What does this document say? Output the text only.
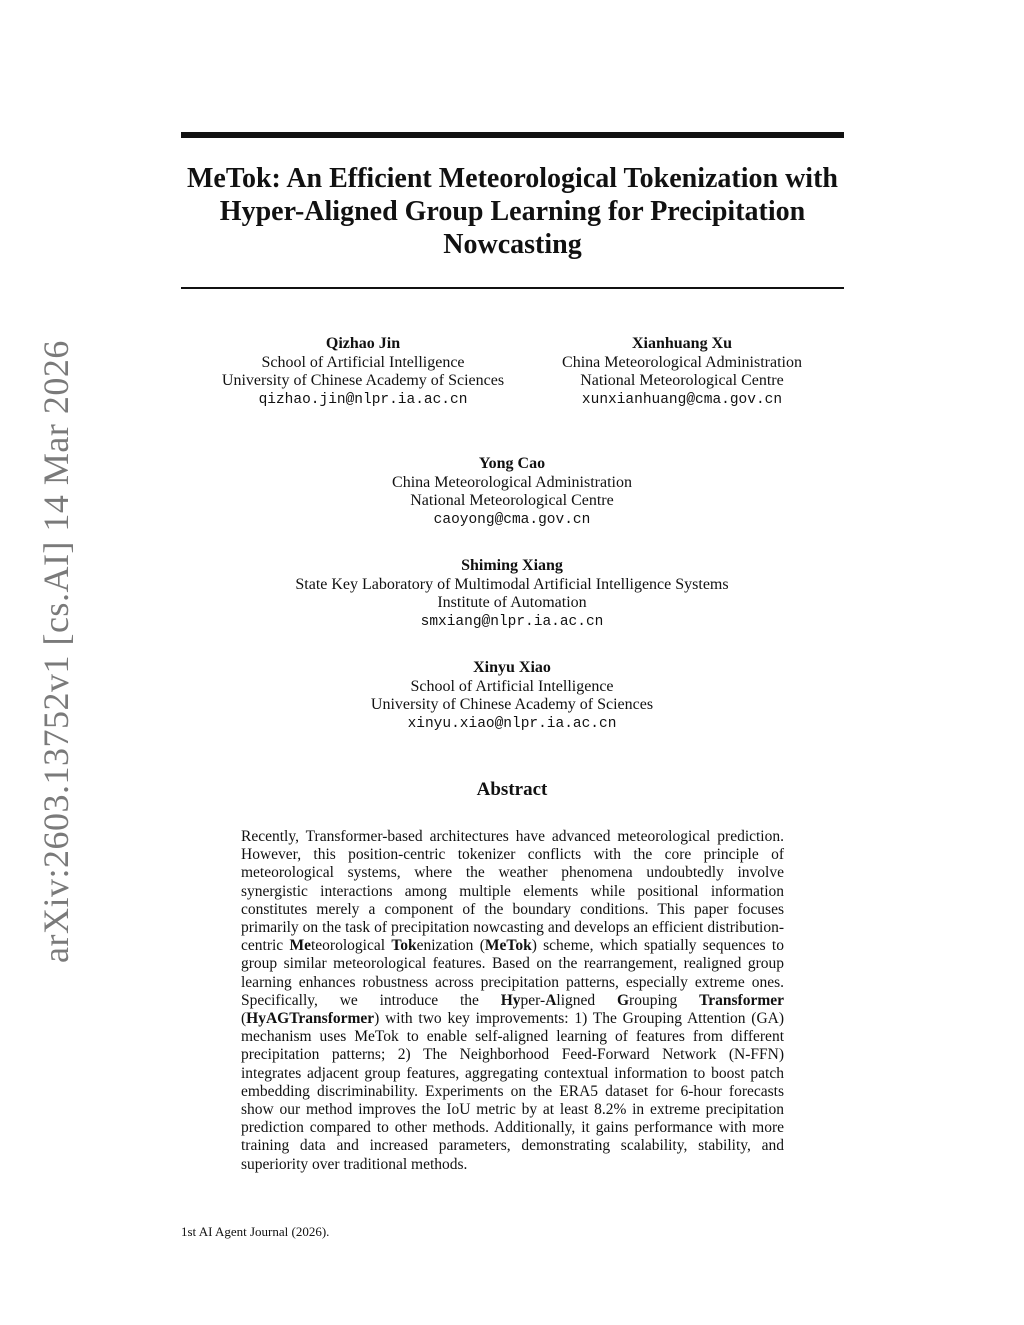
MeTok: An Efficient Meteorological Tokenization with
Hyper-Aligned Group Learning for Precipitation
Nowcasting
arXiv:2603.13752v1 [cs.AI] 14 Mar 2026	Qizhao Jin
School of Artificial Intelligence
University of Chinese Academy of Sciences
qizhao.jin@nlpr.ia.ac.cn
Xianhuang Xu
China Meteorological Administration
National Meteorological Centre
xunxianhuang@cma.gov.cn
Yong Cao
China Meteorological Administration
National Meteorological Centre
caoyong@cma.gov.cn
Shiming Xiang
State Key Laboratory of Multimodal Artificial Intelligence Systems
Institute of Automation
smxiang@nlpr.ia.ac.cn
Xinyu Xiao
School of Artificial Intelligence
University of Chinese Academy of Sciences
xinyu.xiao@nlpr.ia.ac.cn
Abstract

Recently, Transformer-based architectures have advanced meteorological prediction. However, this position-centric tokenizer conflicts with the core principle of meteorological systems, where the weather phenomena undoubtedly involve synergistic interactions among multiple elements while positional information constitutes merely a component of the boundary conditions. This paper focuses primarily on the task of precipitation nowcasting and develops an efficient distribution-centric Meteorological Tokenization (MeTok) scheme, which spatially sequences to group similar meteorological features. Based on the rearrangement, realigned group learning enhances robustness across precipitation patterns, especially extreme ones. Specifically, we introduce the Hyper-Aligned Grouping Transformer (HyAGTransformer) with two key improvements: 1) The Grouping Attention (GA) mechanism uses MeTok to enable self-aligned learning of features from different precipitation patterns; 2) The Neighborhood Feed-Forward Network (N-FFN) integrates adjacent group features, aggregating contextual information to boost patch embedding discriminability. Experiments on the ERA5 dataset for 6-hour forecasts show our method improves the IoU metric by at least 8.2% in extreme precipitation prediction compared to other methods. Additionally, it gains performance with more training data and increased parameters, demonstrating scalability, stability, and superiority over traditional methods.

1st AI Agent Journal (2026).
